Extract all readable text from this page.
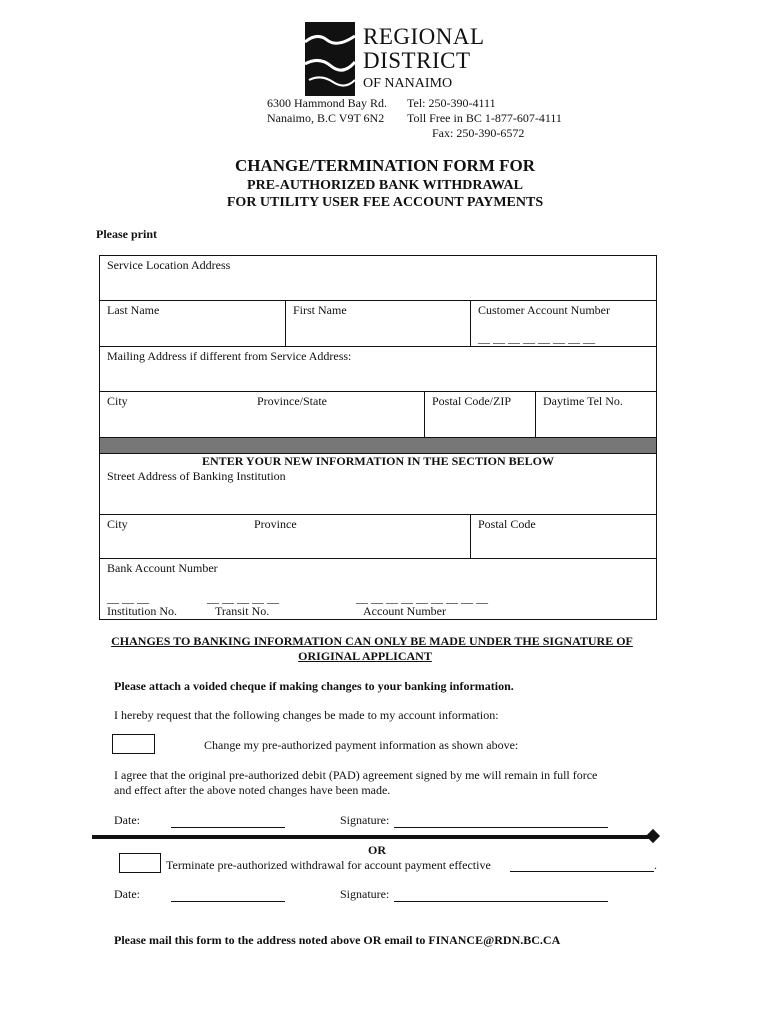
REGIONAL
DISTRICT
OF NANAIMO
6300 Hammond Bay Rd.
Nanaimo, B.C V9T 6N2
Tel: 250-390-4111
Toll Free in BC 1-877-607-4111
Fax: 250-390-6572
CHANGE/TERMINATION FORM FOR
PRE-AUTHORIZED BANK WITHDRAWAL
FOR UTILITY USER FEE ACCOUNT PAYMENTS
Please print
Service Location Address
Last Name	First Name	Customer Account Number
__ __ __ __ __ __ __ __
Mailing Address if different from Service Address:
City	Province/State	Postal Code/ZIP	Daytime Tel No.
ENTER YOUR NEW INFORMATION IN THE SECTION BELOW
Street Address of Banking Institution
City	Province	Postal Code
Bank Account Number
__ __ __	__ __ __ __ __	__ __ __ __ __ __ __ __ __
Institution No.	Transit No.	Account Number
CHANGES TO BANKING INFORMATION CAN ONLY BE MADE UNDER THE SIGNATURE OF
ORIGINAL APPLICANT
Please attach a voided cheque if making changes to your banking information.
I hereby request that the following changes be made to my account information:
Change my pre-authorized payment information as shown above:
I agree that the original pre-authorized debit (PAD) agreement signed by me will remain in full force
and effect after the above noted changes have been made.
Date:	Signature:
OR
Terminate pre-authorized withdrawal for account payment effective	.
Date:	Signature:
Please mail this form to the address noted above OR email to FINANCE@RDN.BC.CA
